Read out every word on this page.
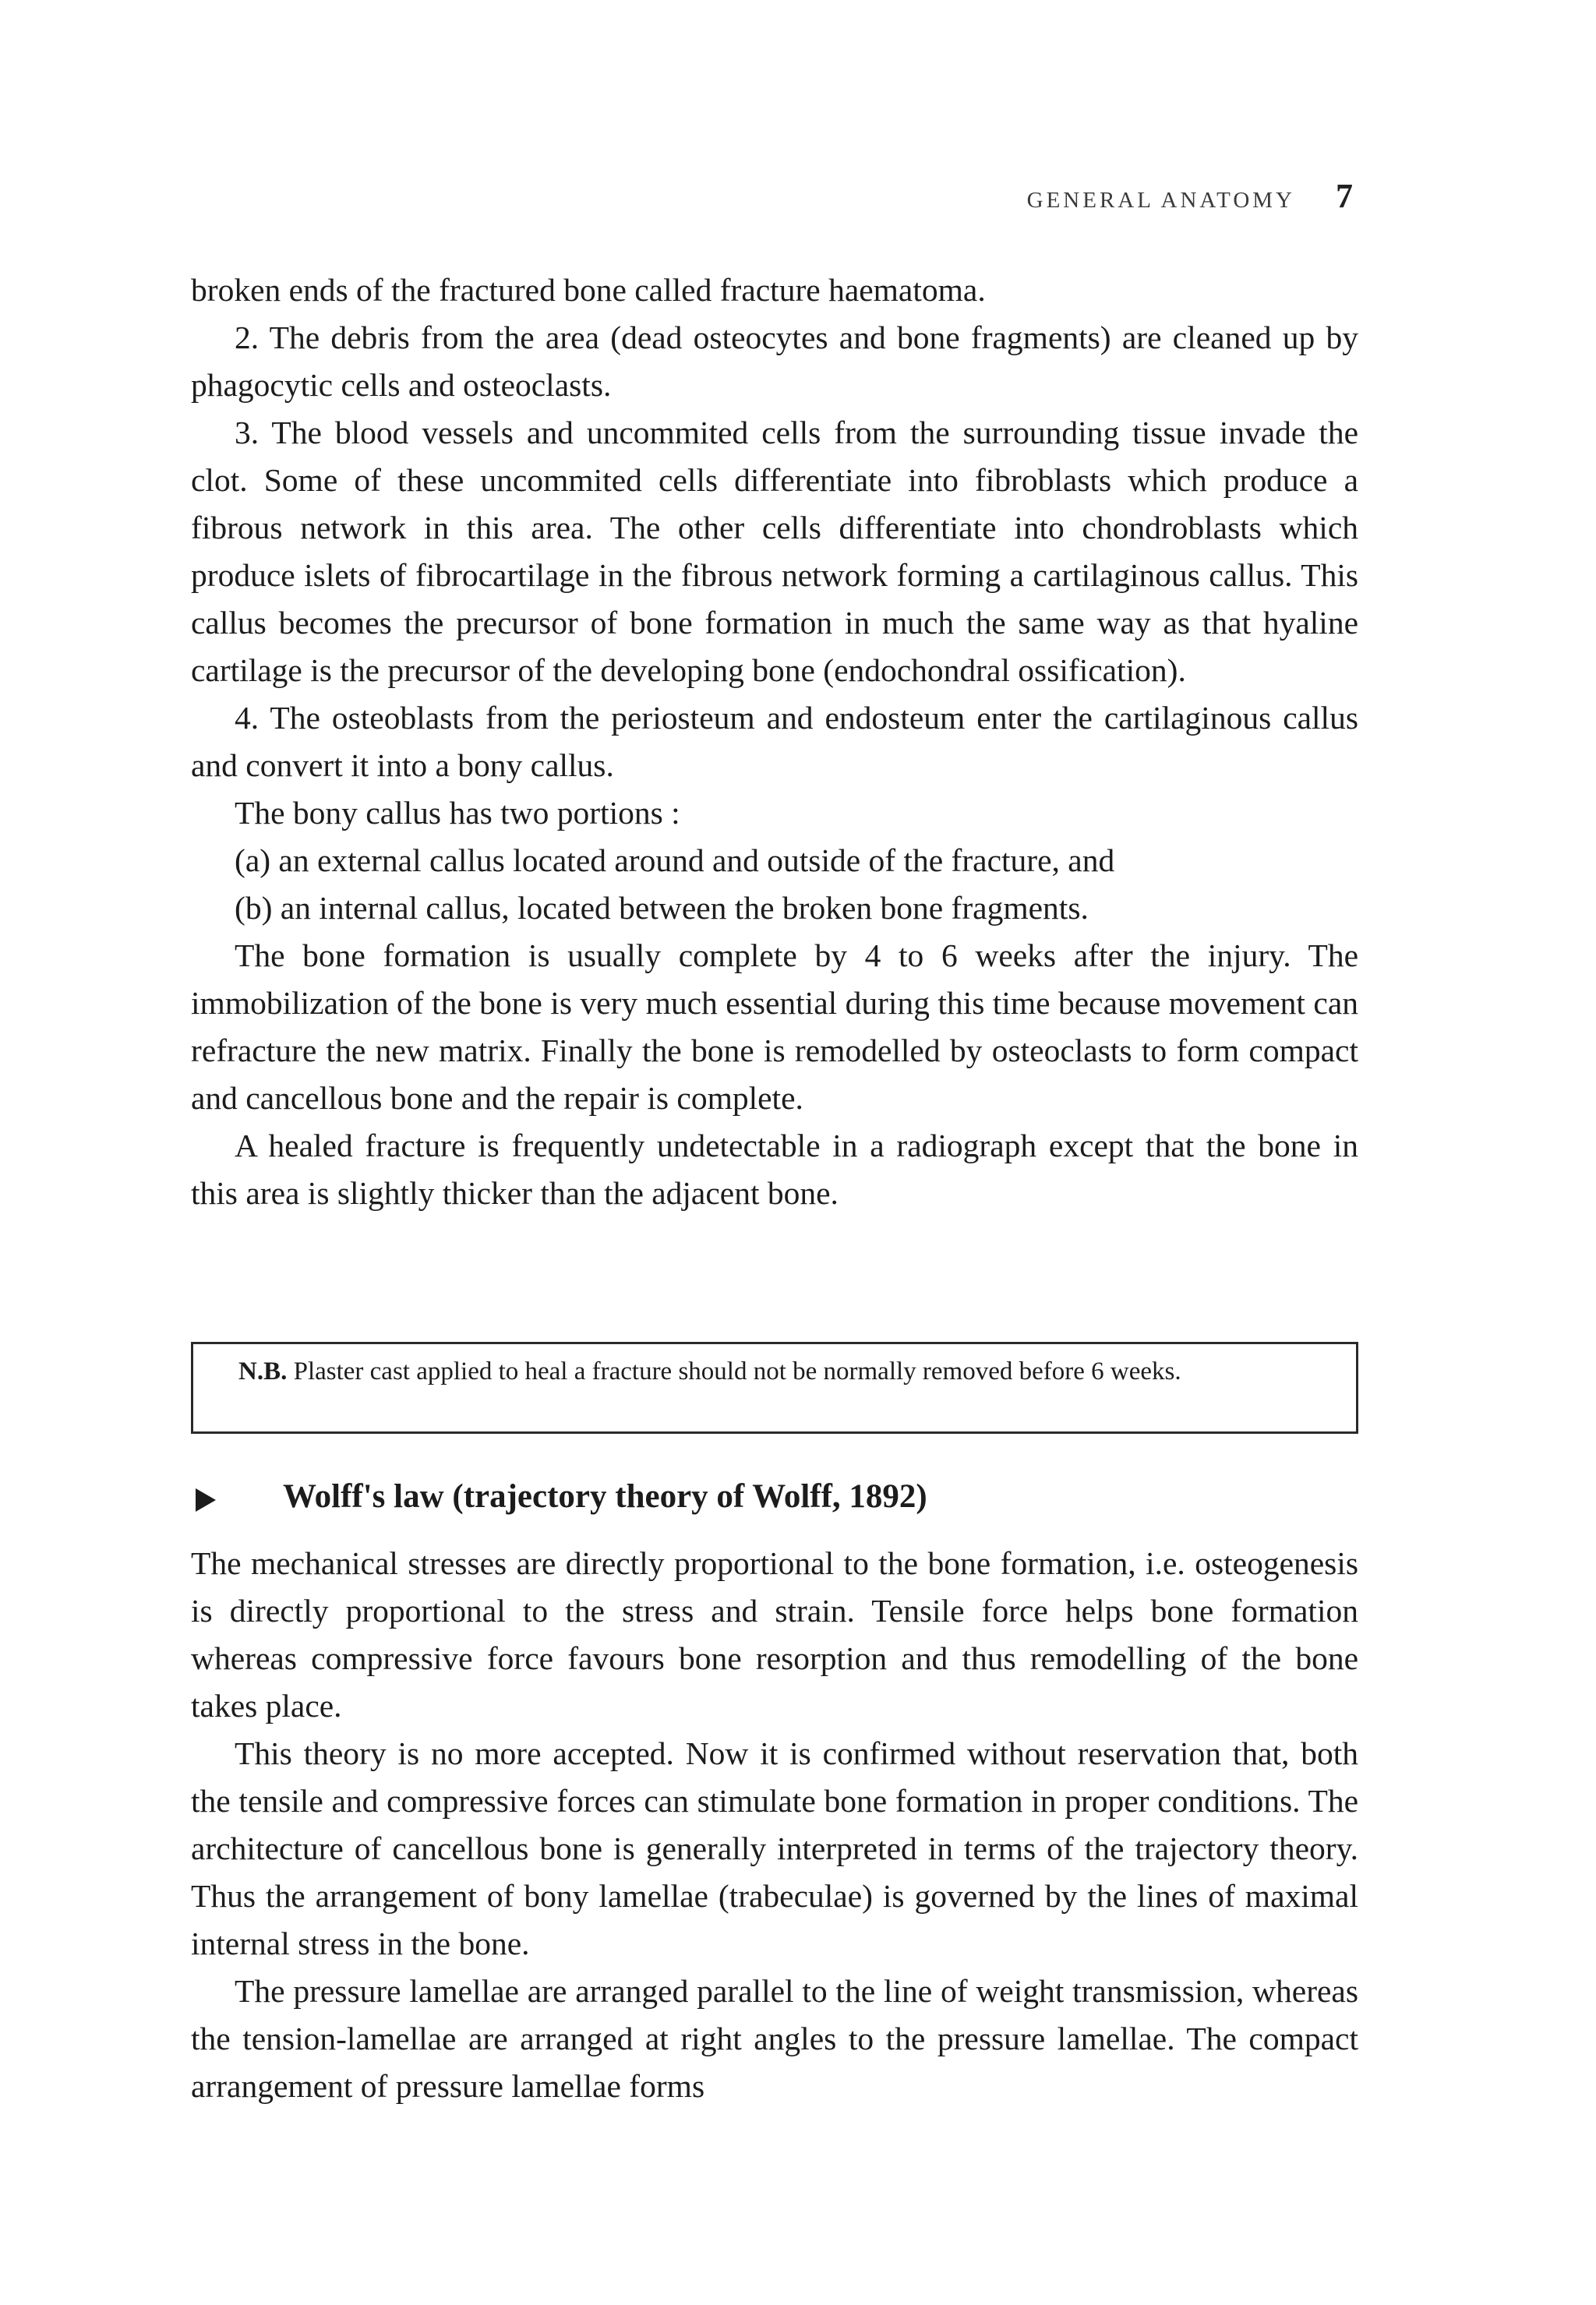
GENERAL ANATOMY 7

broken ends of the fractured bone called fracture haematoma.

2. The debris from the area (dead osteocytes and bone fragments) are cleaned up by phagocytic cells and osteoclasts.

3. The blood vessels and uncommited cells from the surrounding tissue invade the clot. Some of these uncommited cells differentiate into fibroblasts which produce a fibrous network in this area. The other cells differentiate into chondroblasts which produce islets of fibrocartilage in the fibrous network forming a cartilaginous callus. This callus becomes the precursor of bone formation in much the same way as that hyaline cartilage is the precursor of the developing bone (endochondral ossification).

4. The osteoblasts from the periosteum and endosteum enter the cartilaginous callus and convert it into a bony callus.

The bony callus has two portions :

(a) an external callus located around and outside of the fracture, and

(b) an internal callus, located between the broken bone fragments.

The bone formation is usually complete by 4 to 6 weeks after the injury. The immobilization of the bone is very much essential during this time because movement can refracture the new matrix. Finally the bone is remodelled by osteoclasts to form compact and cancellous bone and the repair is complete.

A healed fracture is frequently undetectable in a radiograph except that the bone in this area is slightly thicker than the adjacent bone.

N.B. Plaster cast applied to heal a fracture should not be normally removed before 6 weeks.
Wolff's law (trajectory theory of Wolff, 1892)

The mechanical stresses are directly proportional to the bone formation, i.e. osteogenesis is directly proportional to the stress and strain. Tensile force helps bone formation whereas compressive force favours bone resorption and thus remodelling of the bone takes place.

This theory is no more accepted. Now it is confirmed without reservation that, both the tensile and compressive forces can stimulate bone formation in proper conditions. The architecture of cancellous bone is generally interpreted in terms of the trajectory theory. Thus the arrangement of bony lamellae (trabeculae) is governed by the lines of maximal internal stress in the bone.

The pressure lamellae are arranged parallel to the line of weight transmission, whereas the tension-lamellae are arranged at right angles to the pressure lamellae. The compact arrangement of pressure lamellae forms
